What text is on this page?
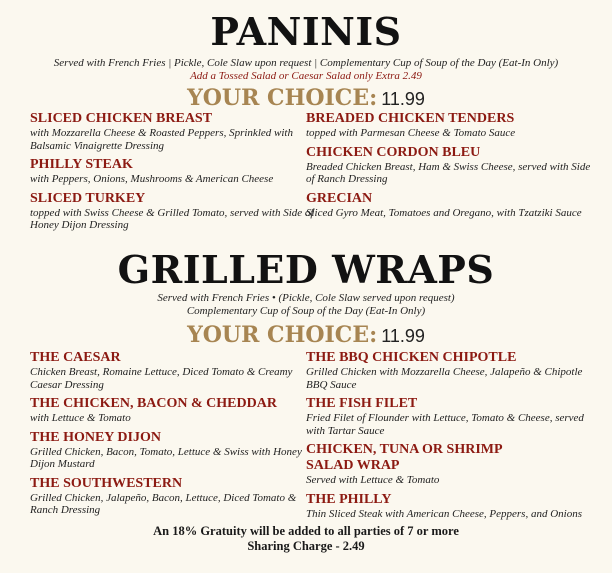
PANINIS
Served with French Fries | Pickle, Cole Slaw upon request | Complementary Cup of Soup of the Day (Eat-In Only)
Add a Tossed Salad or Caesar Salad only Extra 2.49
YOUR CHOICE: 11.99
SLICED CHICKEN BREAST
with Mozzarella Cheese & Roasted Peppers, Sprinkled with Balsamic Vinaigrette Dressing
PHILLY STEAK
with Peppers, Onions, Mushrooms & American Cheese
SLICED TURKEY
topped with Swiss Cheese & Grilled Tomato, served with Side of Honey Dijon Dressing
BREADED CHICKEN TENDERS
topped with Parmesan Cheese & Tomato Sauce
CHICKEN CORDON BLEU
Breaded Chicken Breast, Ham & Swiss Cheese, served with Side of Ranch Dressing
GRECIAN
Sliced Gyro Meat, Tomatoes and Oregano, with Tzatziki Sauce
GRILLED WRAPS
Served with French Fries • (Pickle, Cole Slaw served upon request)
Complementary Cup of Soup of the Day (Eat-In Only)
YOUR CHOICE: 11.99
THE CAESAR
Chicken Breast, Romaine Lettuce, Diced Tomato & Creamy Caesar Dressing
THE CHICKEN, BACON & CHEDDAR
with Lettuce & Tomato
THE HONEY DIJON
Grilled Chicken, Bacon, Tomato, Lettuce & Swiss with Honey Dijon Mustard
THE SOUTHWESTERN
Grilled Chicken, Jalapeño, Bacon, Lettuce, Diced Tomato & Ranch Dressing
THE BBQ CHICKEN CHIPOTLE
Grilled Chicken with Mozzarella Cheese, Jalapeño & Chipotle BBQ Sauce
THE FISH FILET
Fried Filet of Flounder with Lettuce, Tomato & Cheese, served with Tartar Sauce
CHICKEN, TUNA OR SHRIMP SALAD WRAP
Served with Lettuce & Tomato
THE PHILLY
Thin Sliced Steak with American Cheese, Peppers, and Onions
An 18% Gratuity will be added to all parties of 7 or more
Sharing Charge - 2.49
